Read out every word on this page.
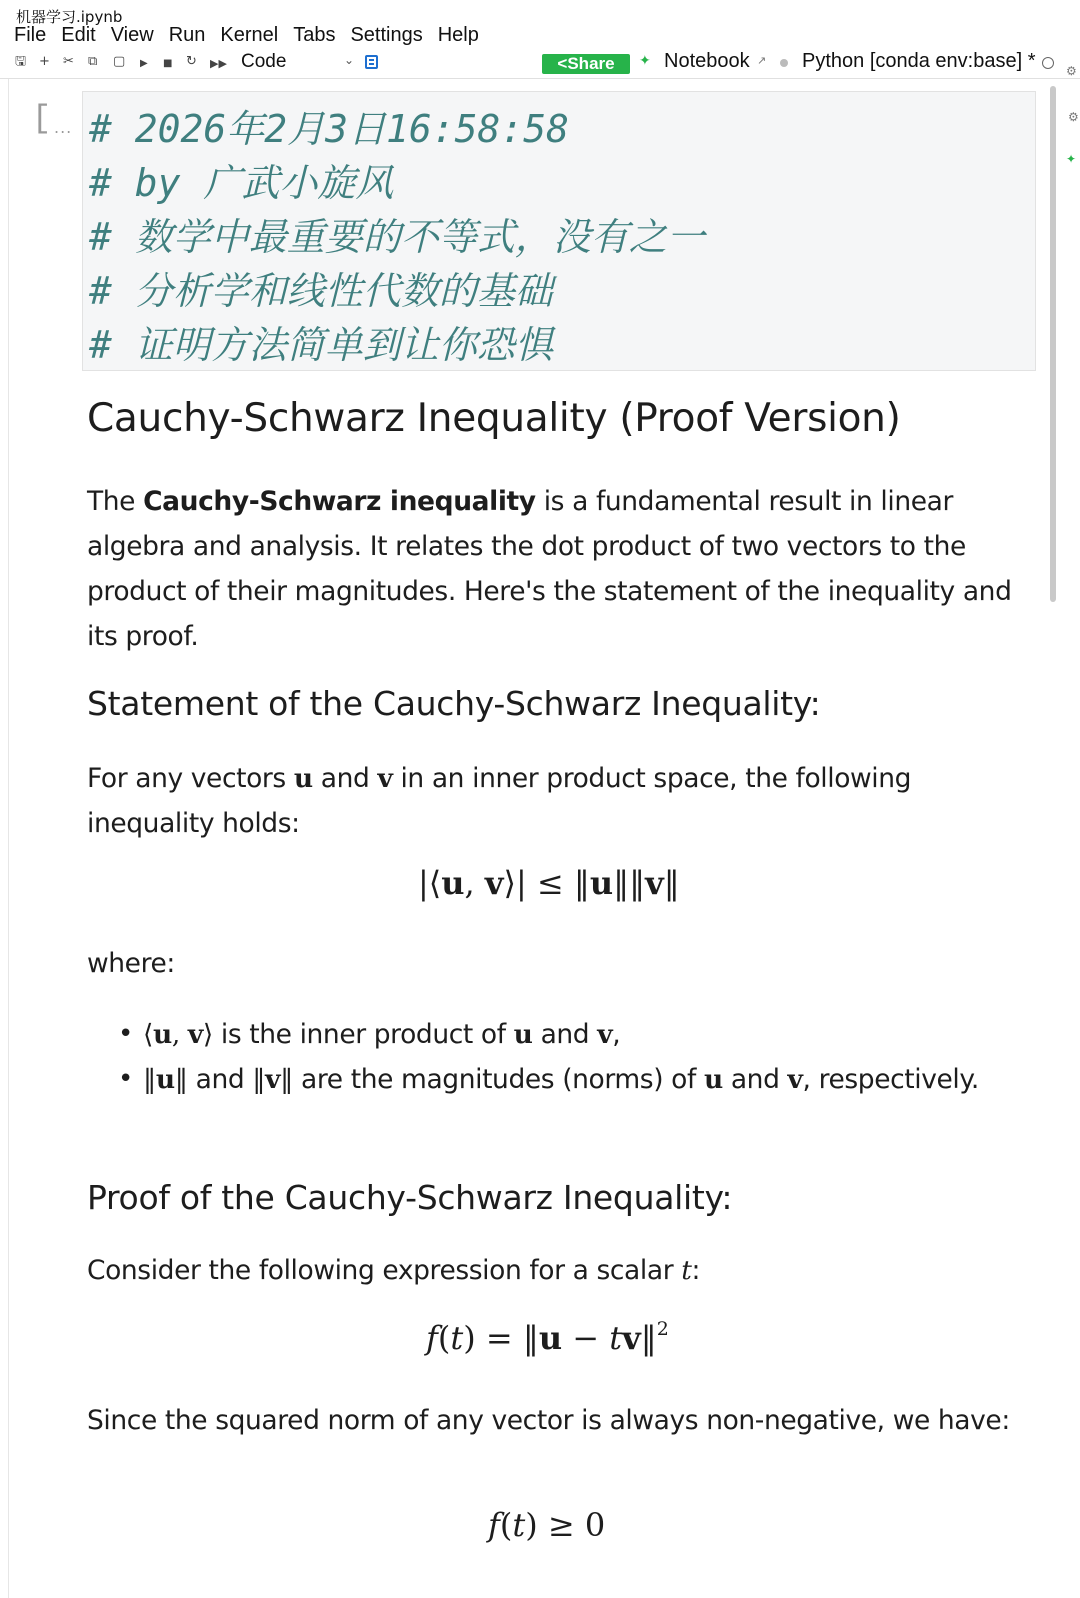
机器学习.ipynb
File Edit View Run Kernel Tabs Settings Help
🖫 + ✂ ⧉ ▢ ▶ ■ ↻ ▶▶ Code	⌄	<Share	✦ Notebook ↗ Python [conda env:base] *	⚙
⚙
✦
[ ... # 2026年2月3日16:58:58
# by 广武小旋风
# 数学中最重要的不等式，没有之一
# 分析学和线性代数的基础
# 证明方法简单到让你恐惧
Cauchy-Schwarz Inequality (Proof Version)
The Cauchy-Schwarz inequality is a fundamental result in linear algebra and analysis. It relates the dot product of two vectors to the product of their magnitudes. Here's the statement of the inequality and its proof.
Statement of the Cauchy-Schwarz Inequality:
For any vectors u and v in an inner product space, the following inequality holds:
|⟨u, v⟩| ≤ ‖u‖‖v‖
where:
• ⟨u, v⟩ is the inner product of u and v,
• ‖u‖ and ‖v‖ are the magnitudes (norms) of u and v, respectively.
Proof of the Cauchy-Schwarz Inequality:
Consider the following expression for a scalar t:
f(t) = ‖u − tv‖$^2$
Since the squared norm of any vector is always non-negative, we have:
f(t) ≥ 0
